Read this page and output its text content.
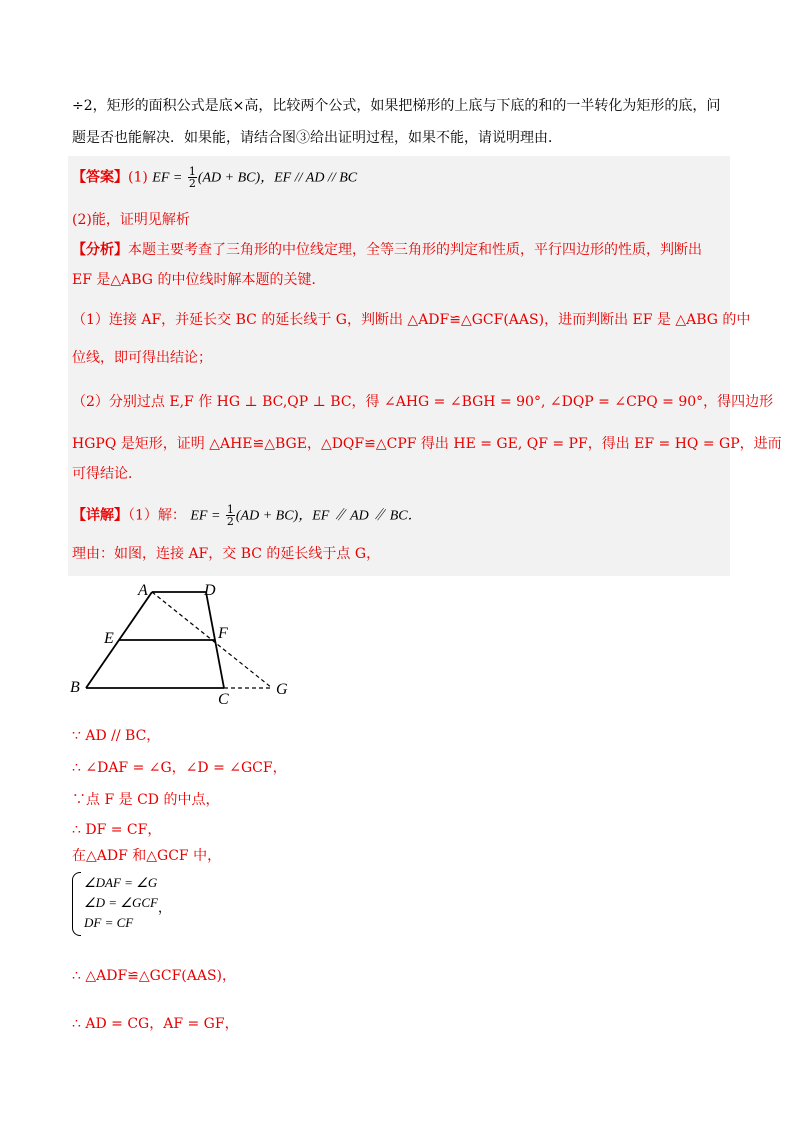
÷2，矩形的面积公式是底×高，比较两个公式，如果把梯形的上底与下底的和的一半转化为矩形的底，问
题是否也能解决．如果能，请结合图③给出证明过程，如果不能，请说明理由．
【答案】(1) EF = $\frac{1}{2} (AD + BC)$，EF // AD // BC
(2)能，证明见解析
【分析】本题主要考查了三角形的中位线定理，全等三角形的判定和性质，平行四边形的性质，判断出
EF 是△ABG 的中位线时解本题的关键．
（1）连接 AF，并延长交 BC 的延长线于 G，判断出 △ADF≌△GCF(AAS)，进而判断出 EF 是 △ABG 的中
位线，即可得出结论；
（2）分别过点 E,F 作 HG ⊥ BC,QP ⊥ BC，得 ∠AHG = ∠BGH = 90°, ∠DQP = ∠CPQ = 90°，得四边形
HGPQ 是矩形，证明 △AHE≌△BGE，△DQF≌△CPF 得出 HE = GE, QF = PF，得出 EF = HQ = GP，进而
可得结论．
【详解】（1）解： EF = $\frac{1}{2} (AD + BC)$，EF ∥ AD ∥ BC．
理由：如图，连接 AF，交 BC 的延长线于点 G，
A	D
E	F
B
C
G
∵ AD // BC，
∴ ∠DAF = ∠G，∠D = ∠GCF，
∵点 F 是 CD 的中点，
∴ DF = CF，
在△ADF 和△GCF 中，
∠DAF = ∠G
∠D = ∠GCF
DF = CF
，
∴ △ADF≌△GCF(AAS)，
∴ AD = CG，AF = GF，
